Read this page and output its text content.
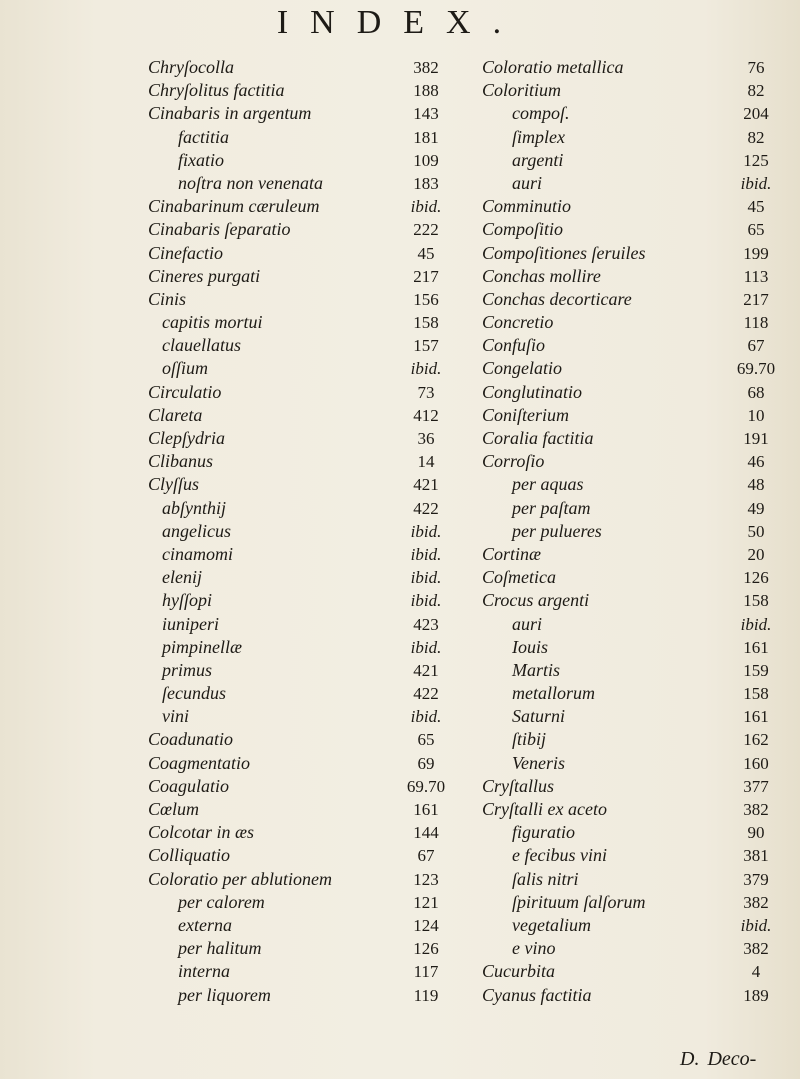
INDEX.
Chryſocolla	382
Chryſolitus factitia	188
Cinabaris in argentum	143
factitia	181
fixatio	109
noſtra non venenata	183
Cinabarinum cæruleum	ibid.
Cinabaris ſeparatio	222
Cinefactio	45
Cineres purgati	217
Cinis	156
capitis mortui	158
clauellatus	157
oſſium	ibid.
Circulatio	73
Clareta	412
Clepſydria	36
Clibanus	14
Clyſſus	421
abſynthij	422
angelicus	ibid.
cinamomi	ibid.
elenij	ibid.
hyſſopi	ibid.
iuniperi	423
pimpinellæ	ibid.
primus	421
ſecundus	422
vini	ibid.
Coadunatio	65
Coagmentatio	69
Coagulatio	69.70
Cœlum	161
Colcotar in æs	144
Colliquatio	67
Coloratio per ablutionem	123
per calorem	121
externa	124
per halitum	126
interna	117
per liquorem	119
Coloratio metallica	76
Coloritium	82
compoſ.	204
ſimplex	82
argenti	125
auri	ibid.
Comminutio	45
Compoſitio	65
Compoſitiones ſeruiles	199
Conchas mollire	113
Conchas decorticare	217
Concretio	118
Confuſio	67
Congelatio	69.70
Conglutinatio	68
Coniſterium	10
Coralia factitia	191
Corroſio	46
per aquas	48
per paſtam	49
per pulueres	50
Cortinæ	20
Coſmetica	126
Crocus argenti	158
auri	ibid.
Iouis	161
Martis	159
metallorum	158
Saturni	161
ſtibij	162
Veneris	160
Cryſtallus	377
Cryſtalli ex aceto	382
figuratio	90
e fecibus vini	381
ſalis nitri	379
ſpirituum ſalſorum	382
vegetalium	ibid.
e vino	382
Cucurbita	4
Cyanus factitia	189
D. Deco-
